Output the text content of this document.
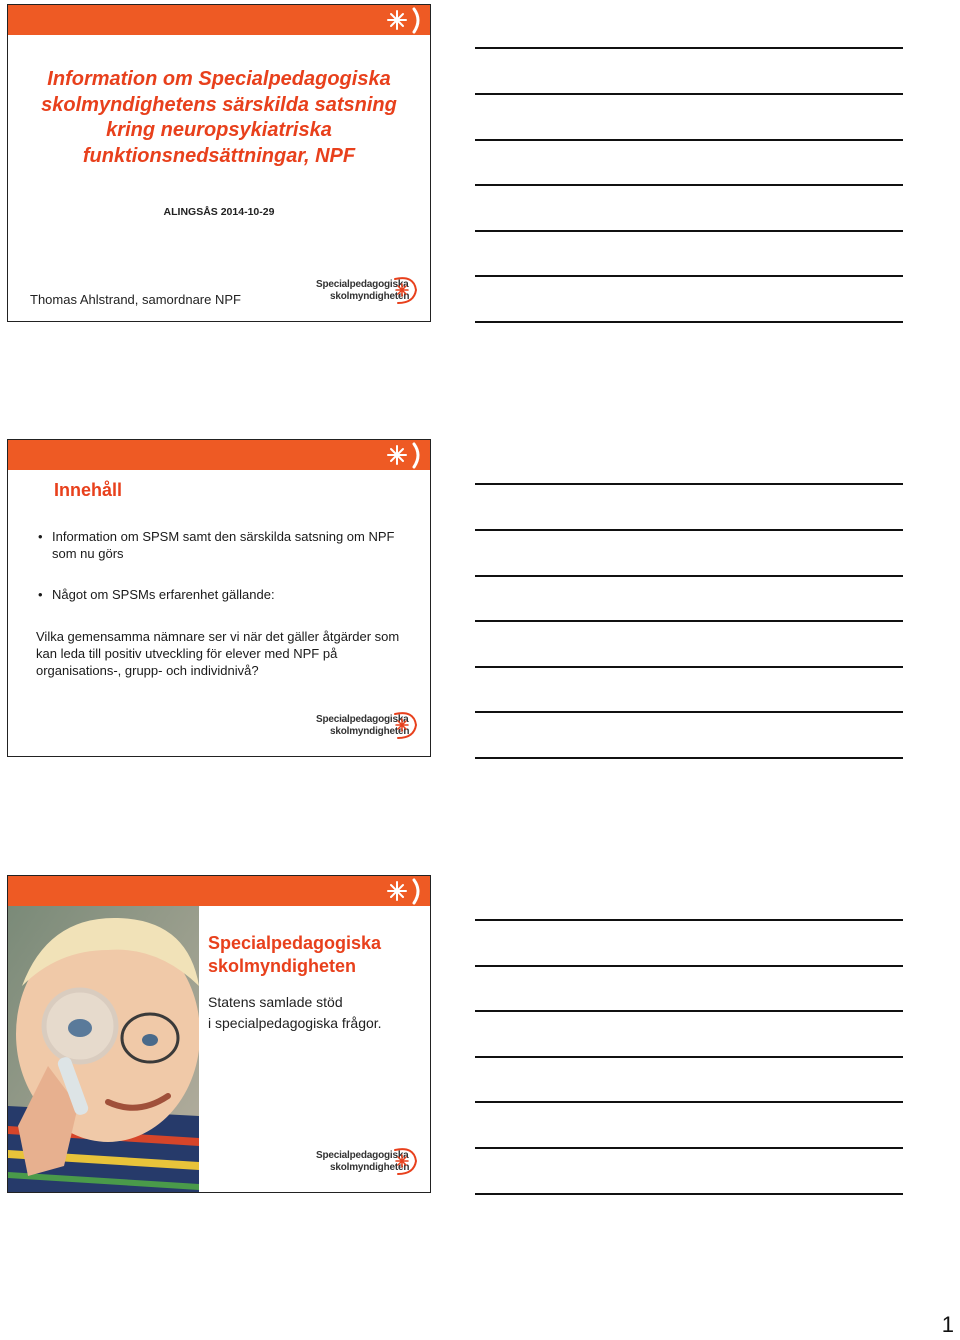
Information om Specialpedagogiska
skolmyndighetens särskilda satsning
kring neuropsykiatriska
funktionsnedsättningar, NPF
ALINGSÅS 2014-10-29
Thomas Ahlstrand, samordnare NPF
Specialpedagogiska
skolmyndigheten
Innehåll
• Information om SPSM samt den särskilda satsning om NPF som nu görs
• Något om SPSMs erfarenhet gällande:
Vilka gemensamma nämnare ser vi när det gäller åtgärder som kan leda till positiv utveckling för elever med NPF på organisations-, grupp- och individnivå?
Specialpedagogiska
skolmyndigheten
Specialpedagogiska
skolmyndigheten
Statens samlade stöd
i specialpedagogiska frågor.
Specialpedagogiska
skolmyndigheten
1
